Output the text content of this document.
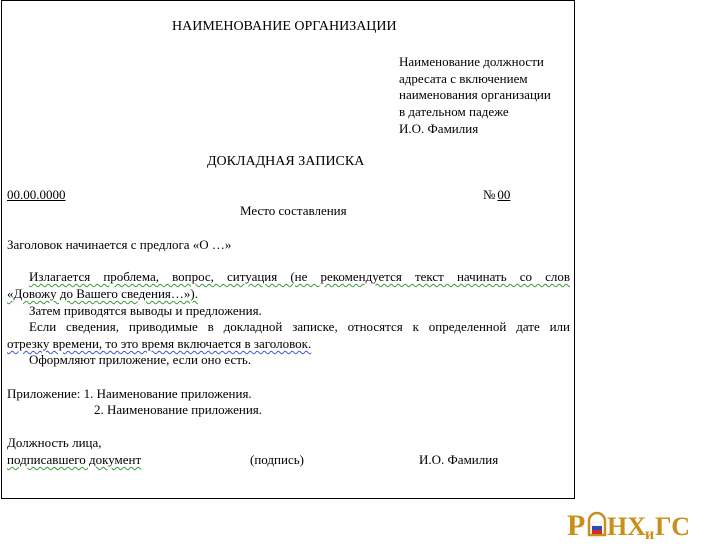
НАИМЕНОВАНИЕ ОРГАНИЗАЦИИ
Наименование должности
адресата с включением
наименования организации
в дательном падеже
И.О. Фамилия
ДОКЛАДНАЯ ЗАПИСКА
00.00.0000	№ 00
Место составления
Заголовок начинается с предлога «О …»
Излагается проблема, вопрос, ситуация (не рекомендуется текст начинать со слов
«Довожу до Вашего сведения…»).
Затем приводятся выводы и предложения.
Если сведения, приводимые в докладной записке, относятся к определенной дате или
отрезку времени, то это время включается в заголовок.
Оформляют приложение, если оно есть.
Приложение: 1. Наименование приложения.
2. Наименование приложения.
Должность лица,
подписавшего документ	(подпись)	И.О. Фамилия
Р НХ и ГС
